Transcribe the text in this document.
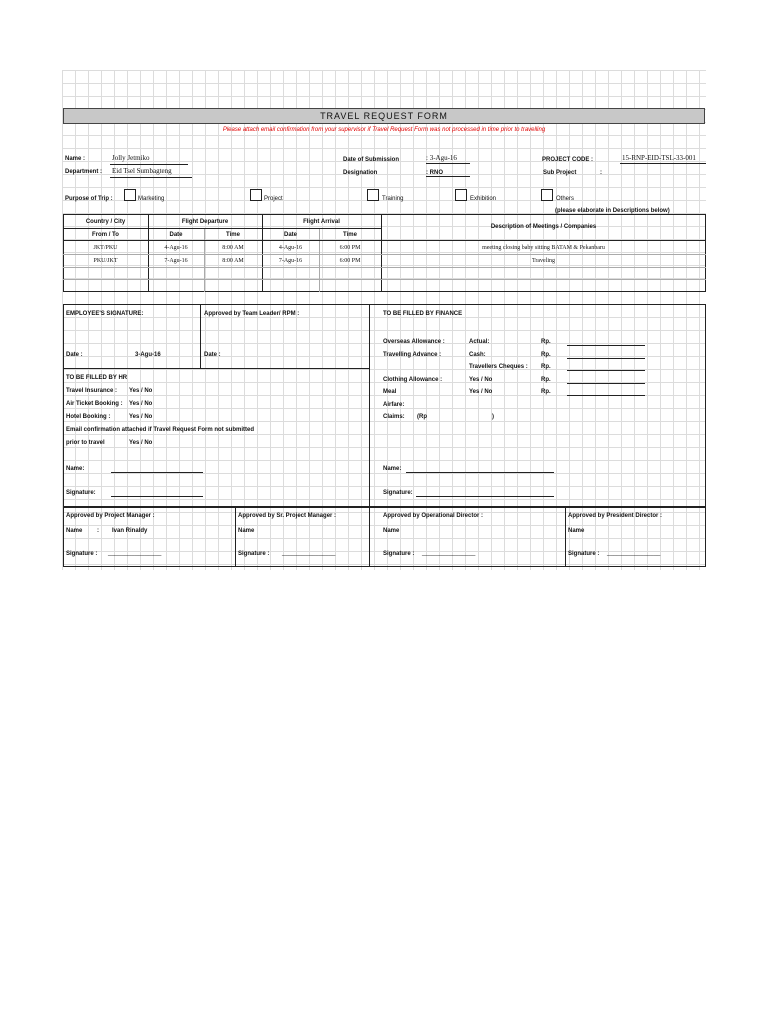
TRAVEL REQUEST FORM
Please attach email confirmation from your supervisor if Travel Request Form was not processed in time prior to travelling
Name :	Jolly Jetmiko
Department : Eid Tsel Sumbagteng
Date of Submission	: 3-Agu-16
Designation	: RNO
PROJECT CODE :	15-RNP-EID-TSL-33-001
Sub Project	:
Purpose of Trip :	Marketing	Project	Training	Exhibition	Others
(please elaborate in Descriptions below)
Country / City	Flight Departure	Flight Arrival
Description of Meetings / Companies
From / To	Date	Time	Date	Time
JKT/PKU	4-Agu-16	8:00 AM	4-Agu-16	6:00 PM	meeting closing baby sitting BATAM & Pekanbaru
PKU/JKT	7-Agu-16	8:00 AM	7-Agu-16	6:00 PM	Traveling
EMPLOYEE'S SIGNATURE:	Approved by Team Leader/ RPM :
Date :	3-Agu-16	Date :
TO BE FILLED BY HR
Travel Insurance : Yes / No
Air Ticket Booking : Yes / No
Hotel Booking :	Yes / No
Email confirmation attached if Travel Request Form not submitted
prior to travel	Yes / No
Name:
Signature:
TO BE FILLED BY FINANCE
Overseas Allowance :	Actual:	Rp.
Travelling Advance :	Cash:	Rp.
Travellers Cheques : Rp.
Clothing Allowance :	Yes / No	Rp.
Meal	Yes / No	Rp.
Airfare:
Claims: (Rp	)
Name:
Signature:
Approved by Project Manager :
Name : Ivan Rinaldy
Signature : ________________
Approved by Sr. Project Manager :
Name
Signature : ________________
Approved by Operational Director :
Name
Signature : ________________
Approved by President Director :
Name
Signature : ________________
